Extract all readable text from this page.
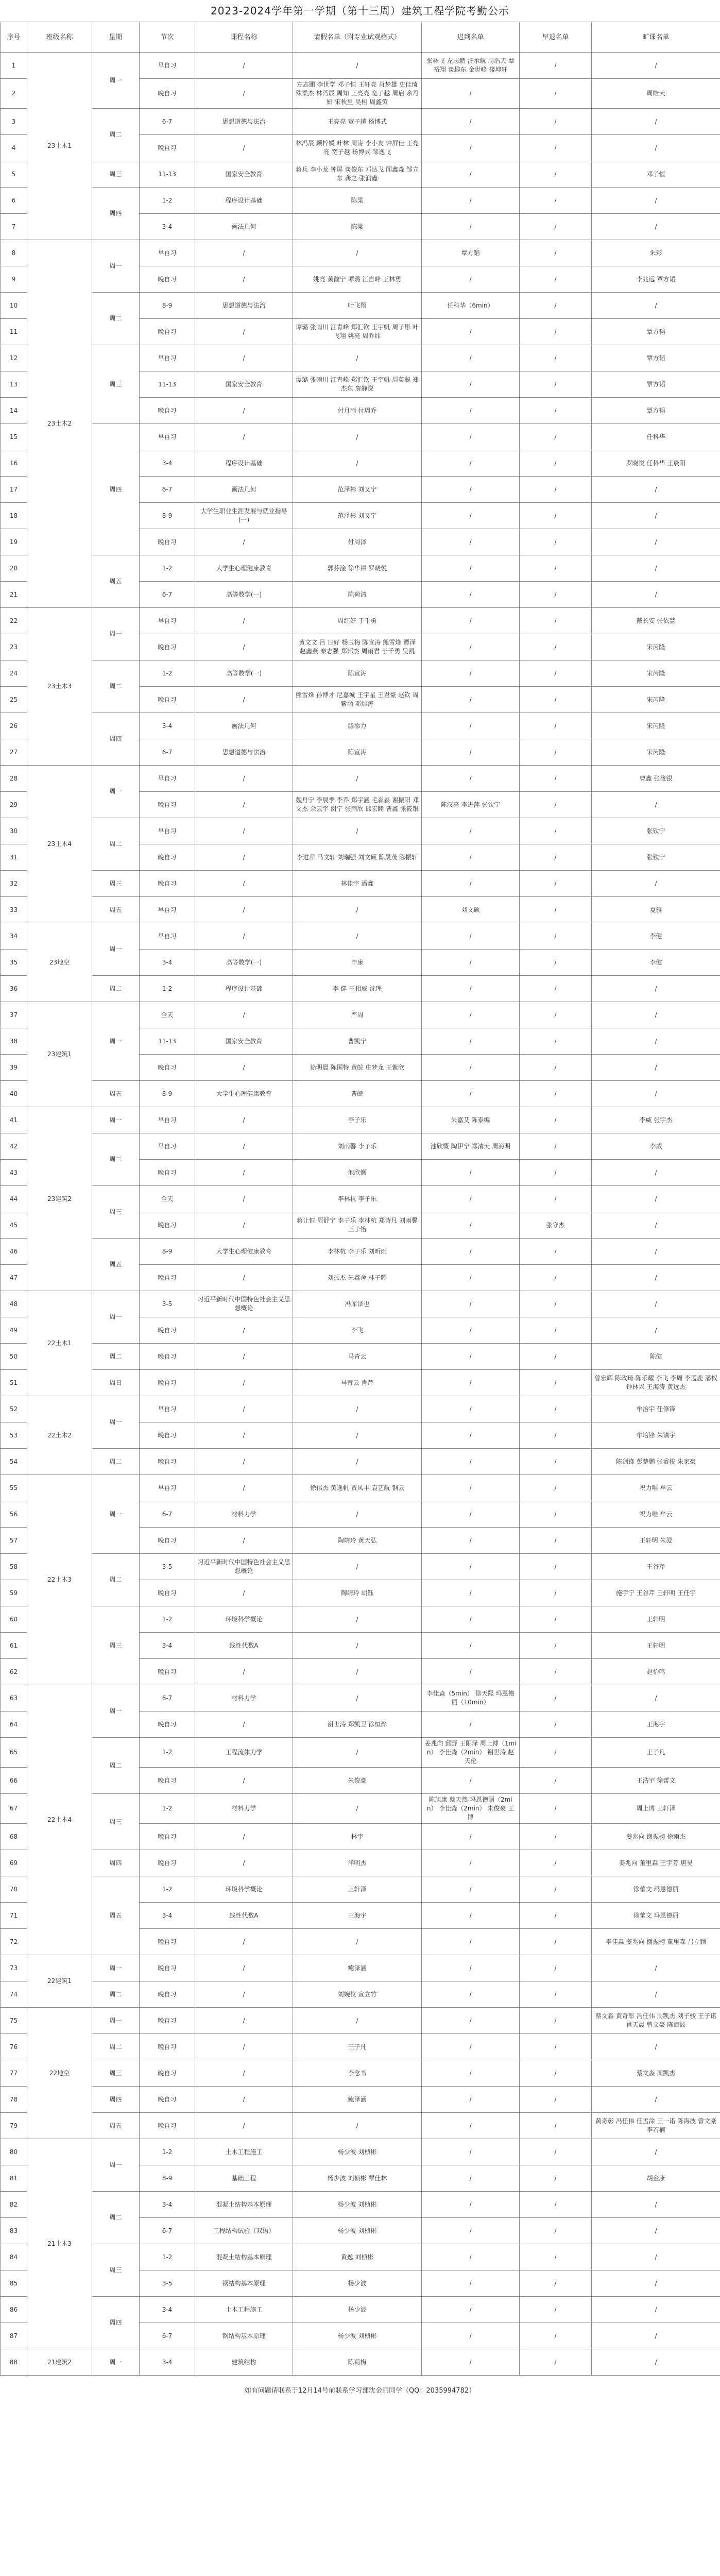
2023-2024学年第一学期（第十三周）建筑工程学院考勤公示
序号	班级名称	星期	节次	课程名称	请假名单（附专业试观格式）	迟到名单	早退名单	旷课名单
1	23土木1	周一	早自习	/	/	张林飞 左志鹏 汪承航 周浩天 覃裕翔 谈趣东 金世峰 楼坤轩	/	/
2			晚自习	/	左志鹏 李世学 邓子恒 王轩亮 肖梦雄 史佳琦 殊柔杰 林冯辰 周知 王亮亮 宽子越 周启 余丹妍 宋秋里 吴栩 周鑫策	/	/	周皓天
3		周二	6-7	思想道德与法治	王亮亮 宽子越 杨博式	/	/	/
4			晚自习	/	林冯辰 顾梓媛 叶林 周涛 李小友 钟屏佳 王亮亮 宽子越 杨博式 邹逸飞	/	/	/
5		周三	11-13	国家安全教育	蒋兵 李小龙 钟屏 谈俊东 邓达飞 闻鑫淼 邹立东 龚之 张润鑫	/	/	邓子恒
6		周四	1-2	程序设计基础	陈梁	/	/	/
7			3-4	画法几何	陈梁	/	/	/
8	23土木2	周一	早自习	/	/	覃方韬	/	朱彩
9			晚自习	/	姚亮 黄馥宁 谭璐 江自峰 王林勇	/	/	李兆远 覃方韬
10		周二	8-9	思想道德与法治	叶飞翔	任科华（6min）	/	/
11			晚自习	/	谭璐 张雨川 江青峰 郑汇钦 王宇帆 周子彤 叶飞翔 姚亮 周乔炜	/	/	覃方韬
12		周三	早自习	/	/	/	/	覃方韬
13			11-13	国家安全教育	谭璐 张雨川 江青峰 郑汇钦 王宇帆 周英聪 郑杰东 詹静悦	/	/	覃方韬
14			晚自习	/	付月雨 付周乔	/	/	覃方韬
15		周四	早自习	/	/	/	/	任科华
16			3-4	程序设计基础	/	/	/	罗晓悦 任科华 王晨阳
17			6-7	画法几何	范泽彬 刘又宁	/	/	/
18			8-9	大学生职业生涯发展与就业指导(一)	范泽彬 刘又宁	/	/	/
19			晚自习	/	付周泽	/	/	/
20		周五	1-2	大学生心理健康教育	郭芬淦 徐华耕 罗晓悦	/	/	/
21			6-7	高等数学(一)	陈荷清	/	/	/
22	23土木3	周一	早自习	/	周红好 于千勇	/	/	戴长安 张依慧
23			晚自习	/	黄文文 吕 日好 杨玉梅 陈宣涛 熊雪烽 谭泽 赵鑫燕 秦志强 郑邦杰 周雨君 于千勇 吴凯	/	/	宋芮隆
24		周二	1-2	高等数学(一)	陈宣涛	/	/	宋芮隆
25			晚自习	/	熊雪烽 孙博才 尼嘉城 王宇星 王君豪 赵钦 周紫涵 邓炜涛	/	/	宋芮隆
26		周四	3-4	画法几何	滕添力	/	/	宋芮隆
27			6-7	思想道德与法治	陈宣涛	/	/	宋芮隆
28	23土木4	周一	早自习	/	/	/	/	曹鑫 张筱银
29			晚自习	/	魏丹宁 李晨季 李乔 郑宇涵 毛淼淼 谢振阳 邓文杰 余云宇 谢宁 张雨欣 邱宏睦 曹鑫 张筱银	陈汉亮 李进萍 张钦宁	/	/
30		周二	早自习	/	/	/	/	张钦宁
31			晚自习	/	李进萍 马文轩 刘瑞强 刘文硕 陈晟茂 陈振轩	/	/	张钦宁
32		周三	晚自习	/	林佳宇 潘鑫	/	/	/
33		周五	早自习	/	/	刘文硕	/	夏雅
34	23地空	周一	早自习	/	/	/	/	李健
35			3-4	高等数学(一)	申康	/	/	李健
36		周二	1-2	程序设计基础	李 健 王相威 沈理	/	/	/
37	23建筑1	周一	全天	/	严周	/	/	/
38			11-13	国家安全教育	曹凯宁	/	/	/
39			晚自习	/	徐明晨 陈国特 黄皖 庄梦龙 王紫欣	/	/	/
40		周五	8-9	大学生心理健康教育	曹皖	/	/	/
41	23建筑2	周一	早自习	/	李子乐	朱嘉艾 陈泰编	/	李威 张宇杰
42		周二	早自习	/	刘雨馨 李子乐	池欣慨 陶伊宁 郑清天 周海明	/	李威
43			晚自习	/	池欣慨	/	/	/
44		周三	全天	/	李林杭 李子乐	/	/	/
45			晚自习	/	蒋让恒 周舒宁 李子乐 李林杭 郑诗凡 刘雨馨 王子怡	/	张守杰	/
46		周五	8-9	大学生心理健康教育	李林杭 李子乐 刘昕雨	/	/	/
47			晚自习	/	刘振杰 朱鑫舍 林子晖	/	/	/
48	22土木1	周一	3-5	习近平新时代中国特色社会主义思想概论	冯厍泽也	/	/	/
49			晚自习	/	李飞	/	/	/
50		周二	晚自习	/	马青云	/	/	陈健
51		周日	晚自习	/	马青云 肖芹	/	/	曾宏辉 陈政琦 陈乐耀 李飞 李周 李孟鹿 潘权 钟林兴 王海涛 黄远杰
52	22土木2	周一	早自习	/	/	/	/	牟治宇 任修锋
53			晚自习	/	/	/	/	牟培锋 朱镇宇
54		周二	晚自习	/	/	/	/	陈剑锋 彭楚鹏 张睿俊 朱家豪
55	22土木3	周一	早自习	/	徐伟杰 黄逸帆 贾凤丰 袁艺航 钢云	/	/	祝力唯 牟云
56			6-7	材料力学	/	/	/	祝力唯 牟云
57			晚自习	/	陶靖玲 黄天弘	/	/	王轩明 朱澄
58		周二	3-5	习近平新时代中国特色社会主义思想概论	/	/	/	王谷芹
59			晚自习	/	陶靖玲 胡钰	/	/	施宇宁 王谷芹 王轩明 王任宇
60		周三	1-2	环境科学概论	/	/	/	王轩明
61			3-4	线性代数A	/	/	/	王轩明
62			晚自习	/	/	/	/	赵怡鸣
63	22土木4	周一	6-7	材料力学	/	李佳淼（5min） 徐天熙 玛恩德丽（10min）	/	/
64			晚自习	/	谢世涛 郑凯卫 徐恒烨	/	/	王海宇
65		周二	1-2	工程流体力学	/	姜兆向 邱野 王阳泽 周上博（1min） 李佳淼（2min） 谢世涛 赵天伦	/	王子凡
66			晚自习	/	朱俊豪	/	/	王浩宇 徐蕾文
67		周三	1-2	材料力学	/	陈旭康 蔡天然 玛恩德丽（2min） 李佳淼（2min） 朱俊豪 王博	/	周上博 王轩泽
68			晚自习	/	林宇	/	/	姜兆向 谢振骋 徐雨杰
69		周四	晚自习	/	洋明杰	/	/	姜兆向 董里森 王宇芳 唐昊
70		周五	1-2	环境科学概论	王轩泽	/	/	徐蕾文 玛恩德丽
71			3-4	线性代数A	王海宇	/	/	徐蕾文 玛恩德丽
72			晚自习	/	/	/	/	李佳淼 姜兆向 谢振骋 董里森 吕立颖
73	22建筑1	周一	晚自习	/	鲍泽涵	/	/	/
74		周二	晚自习	/	刘婉仪 宣立竹	/	/	/
75	22地空	周一	晚自习	/	/	/	/	蔡文淼 黄奇彰 冯任伟 周凯杰 刘子骏 王子诺 肖天晨 曾文豪 陈海波
76		周二	晚自习	/	王子凡	/	/	/
77		周三	晚自习	/	李念书	/	/	蔡文淼 周凯杰
78		周四	晚自习	/	鲍泽涵	/	/	/
79		周五	晚自习	/	/	/	/	黄奇彰 冯任伟 任孟涂 王一诺 陈海波 曾文豪 李若楠
80	21土木3	周一	1-2	土木工程施工	杨少波 刘桢彬	/	/	/
81			8-9	基础工程	杨少波 刘桢彬 覃佳林	/	/	胡金康
82		周二	3-4	混凝土结构基本原理	杨少波 刘桢彬	/	/	/
83			6-7	工程结构试验（双语）	杨少波 刘桢彬	/	/	/
84		周三	1-2	混凝土结构基本原理	黄逸 刘桢彬	/	/	/
85			3-5	钢结构基本原理	杨少波	/	/	/
86		周四	3-4	土木工程施工	杨少波	/	/	/
87			6-7	钢结构基本原理	杨少波 刘桢彬	/	/	/
88	21建筑2	周一	3-4	建筑结构	陈荷梅	/	/	/
如有问题请联系于12月14号前联系学习部沈金丽同学（QQ：2035994782）
